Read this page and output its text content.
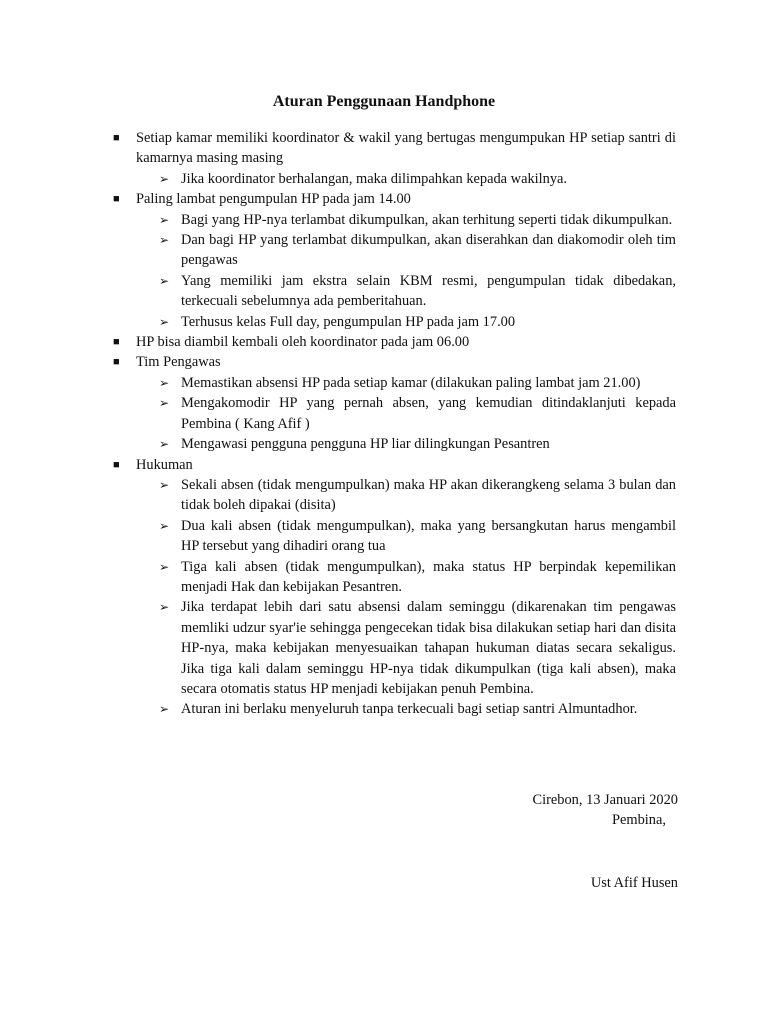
Aturan Penggunaan Handphone
■ Setiap kamar memiliki koordinator & wakil yang bertugas mengumpukan HP setiap santri di kamarnya masing masing
➢ Jika koordinator berhalangan, maka dilimpahkan kepada wakilnya.
■ Paling lambat pengumpulan HP pada jam 14.00
➢ Bagi yang HP-nya terlambat dikumpulkan, akan terhitung seperti tidak dikumpulkan.
➢ Dan bagi HP yang terlambat dikumpulkan, akan diserahkan dan diakomodir oleh tim pengawas
➢ Yang memiliki jam ekstra selain KBM resmi, pengumpulan tidak dibedakan, terkecuali sebelumnya ada pemberitahuan.
➢ Terhusus kelas Full day, pengumpulan HP pada jam 17.00
■ HP bisa diambil kembali oleh koordinator pada jam 06.00
■ Tim Pengawas
➢ Memastikan absensi HP pada setiap kamar (dilakukan paling lambat jam 21.00)
➢ Mengakomodir HP yang pernah absen, yang kemudian ditindaklanjuti kepada Pembina ( Kang Afif )
➢ Mengawasi pengguna pengguna HP liar dilingkungan Pesantren
■ Hukuman
➢ Sekali absen (tidak mengumpulkan) maka HP akan dikerangkeng selama 3 bulan dan tidak boleh dipakai (disita)
➢ Dua kali absen (tidak mengumpulkan), maka yang bersangkutan harus mengambil HP tersebut yang dihadiri orang tua
➢ Tiga kali absen (tidak mengumpulkan), maka status HP berpindak kepemilikan menjadi Hak dan kebijakan Pesantren.
➢ Jika terdapat lebih dari satu absensi dalam seminggu (dikarenakan tim pengawas memliki udzur syar'ie sehingga pengecekan tidak bisa dilakukan setiap hari dan disita HP-nya, maka kebijakan menyesuaikan tahapan hukuman diatas secara sekaligus. Jika tiga kali dalam seminggu HP-nya tidak dikumpulkan (tiga kali absen), maka secara otomatis status HP menjadi kebijakan penuh Pembina.
➢ Aturan ini berlaku menyeluruh tanpa terkecuali bagi setiap santri Almuntadhor.
Cirebon, 13 Januari 2020
Pembina,
Ust Afif Husen
